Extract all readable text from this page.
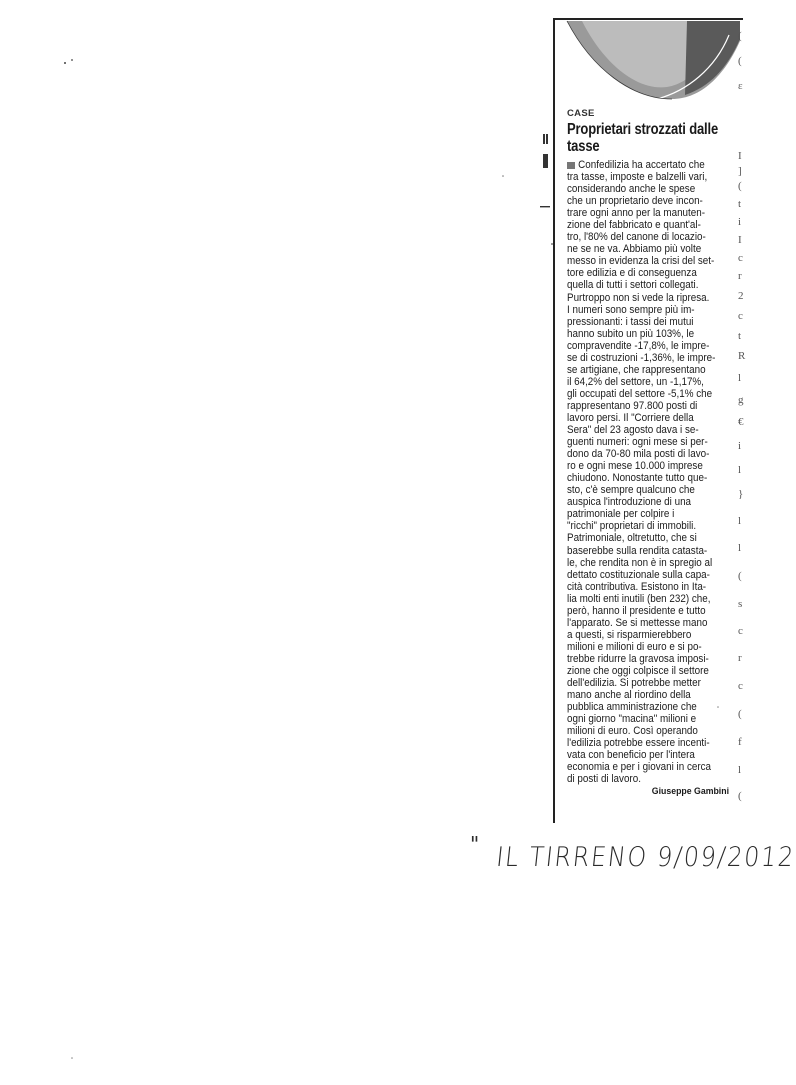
(
(
ε
I
]
(
t
i
I
c
r
2
c
t
R
l
g
€
i
l
}
l
l
(
s
c
r
c
(
f
l
(

CASE

Proprietari strozzati dalle tasse

Confedilizia ha accertato che
tra tasse, imposte e balzelli vari,
considerando anche le spese
che un proprietario deve incon-
trare ogni anno per la manuten-
zione del fabbricato e quant'al-
tro, l'80% del canone di locazio-
ne se ne va. Abbiamo più volte
messo in evidenza la crisi del set-
tore edilizia e di conseguenza
quella di tutti i settori collegati.
Purtroppo non si vede la ripresa.
I numeri sono sempre più im-
pressionanti: i tassi dei mutui
hanno subito un più 103%, le
compravendite -17,8%, le impre-
se di costruzioni -1,36%, le impre-
se artigiane, che rappresentano
il 64,2% del settore, un -1,17%,
gli occupati del settore -5,1% che
rappresentano 97.800 posti di
lavoro persi. Il "Corriere della
Sera" del 23 agosto dava i se-
guenti numeri: ogni mese si per-
dono da 70-80 mila posti di lavo-
ro e ogni mese 10.000 imprese
chiudono. Nonostante tutto que-
sto, c'è sempre qualcuno che
auspica l'introduzione di una
patrimoniale per colpire i
"ricchi" proprietari di immobili.
Patrimoniale, oltretutto, che si
baserebbe sulla rendita catasta-
le, che rendita non è in spregio al
dettato costituzionale sulla capa-
cità contributiva. Esistono in Ita-
lia molti enti inutili (ben 232) che,
però, hanno il presidente e tutto
l'apparato. Se si mettesse mano
a questi, si risparmierebbero
milioni e milioni di euro e si po-
trebbe ridurre la gravosa imposi-
zione che oggi colpisce il settore
dell'edilizia. Si potrebbe metter
mano anche al riordino della
pubblica amministrazione che
ogni giorno "macina" milioni e
milioni di euro. Così operando
l'edilizia potrebbe essere incenti-
vata con beneficio per l'intera
economia e per i giovani in cerca
di posti di lavoro.

Giuseppe Gambini
" IL TIRRENO 9/09/2012
